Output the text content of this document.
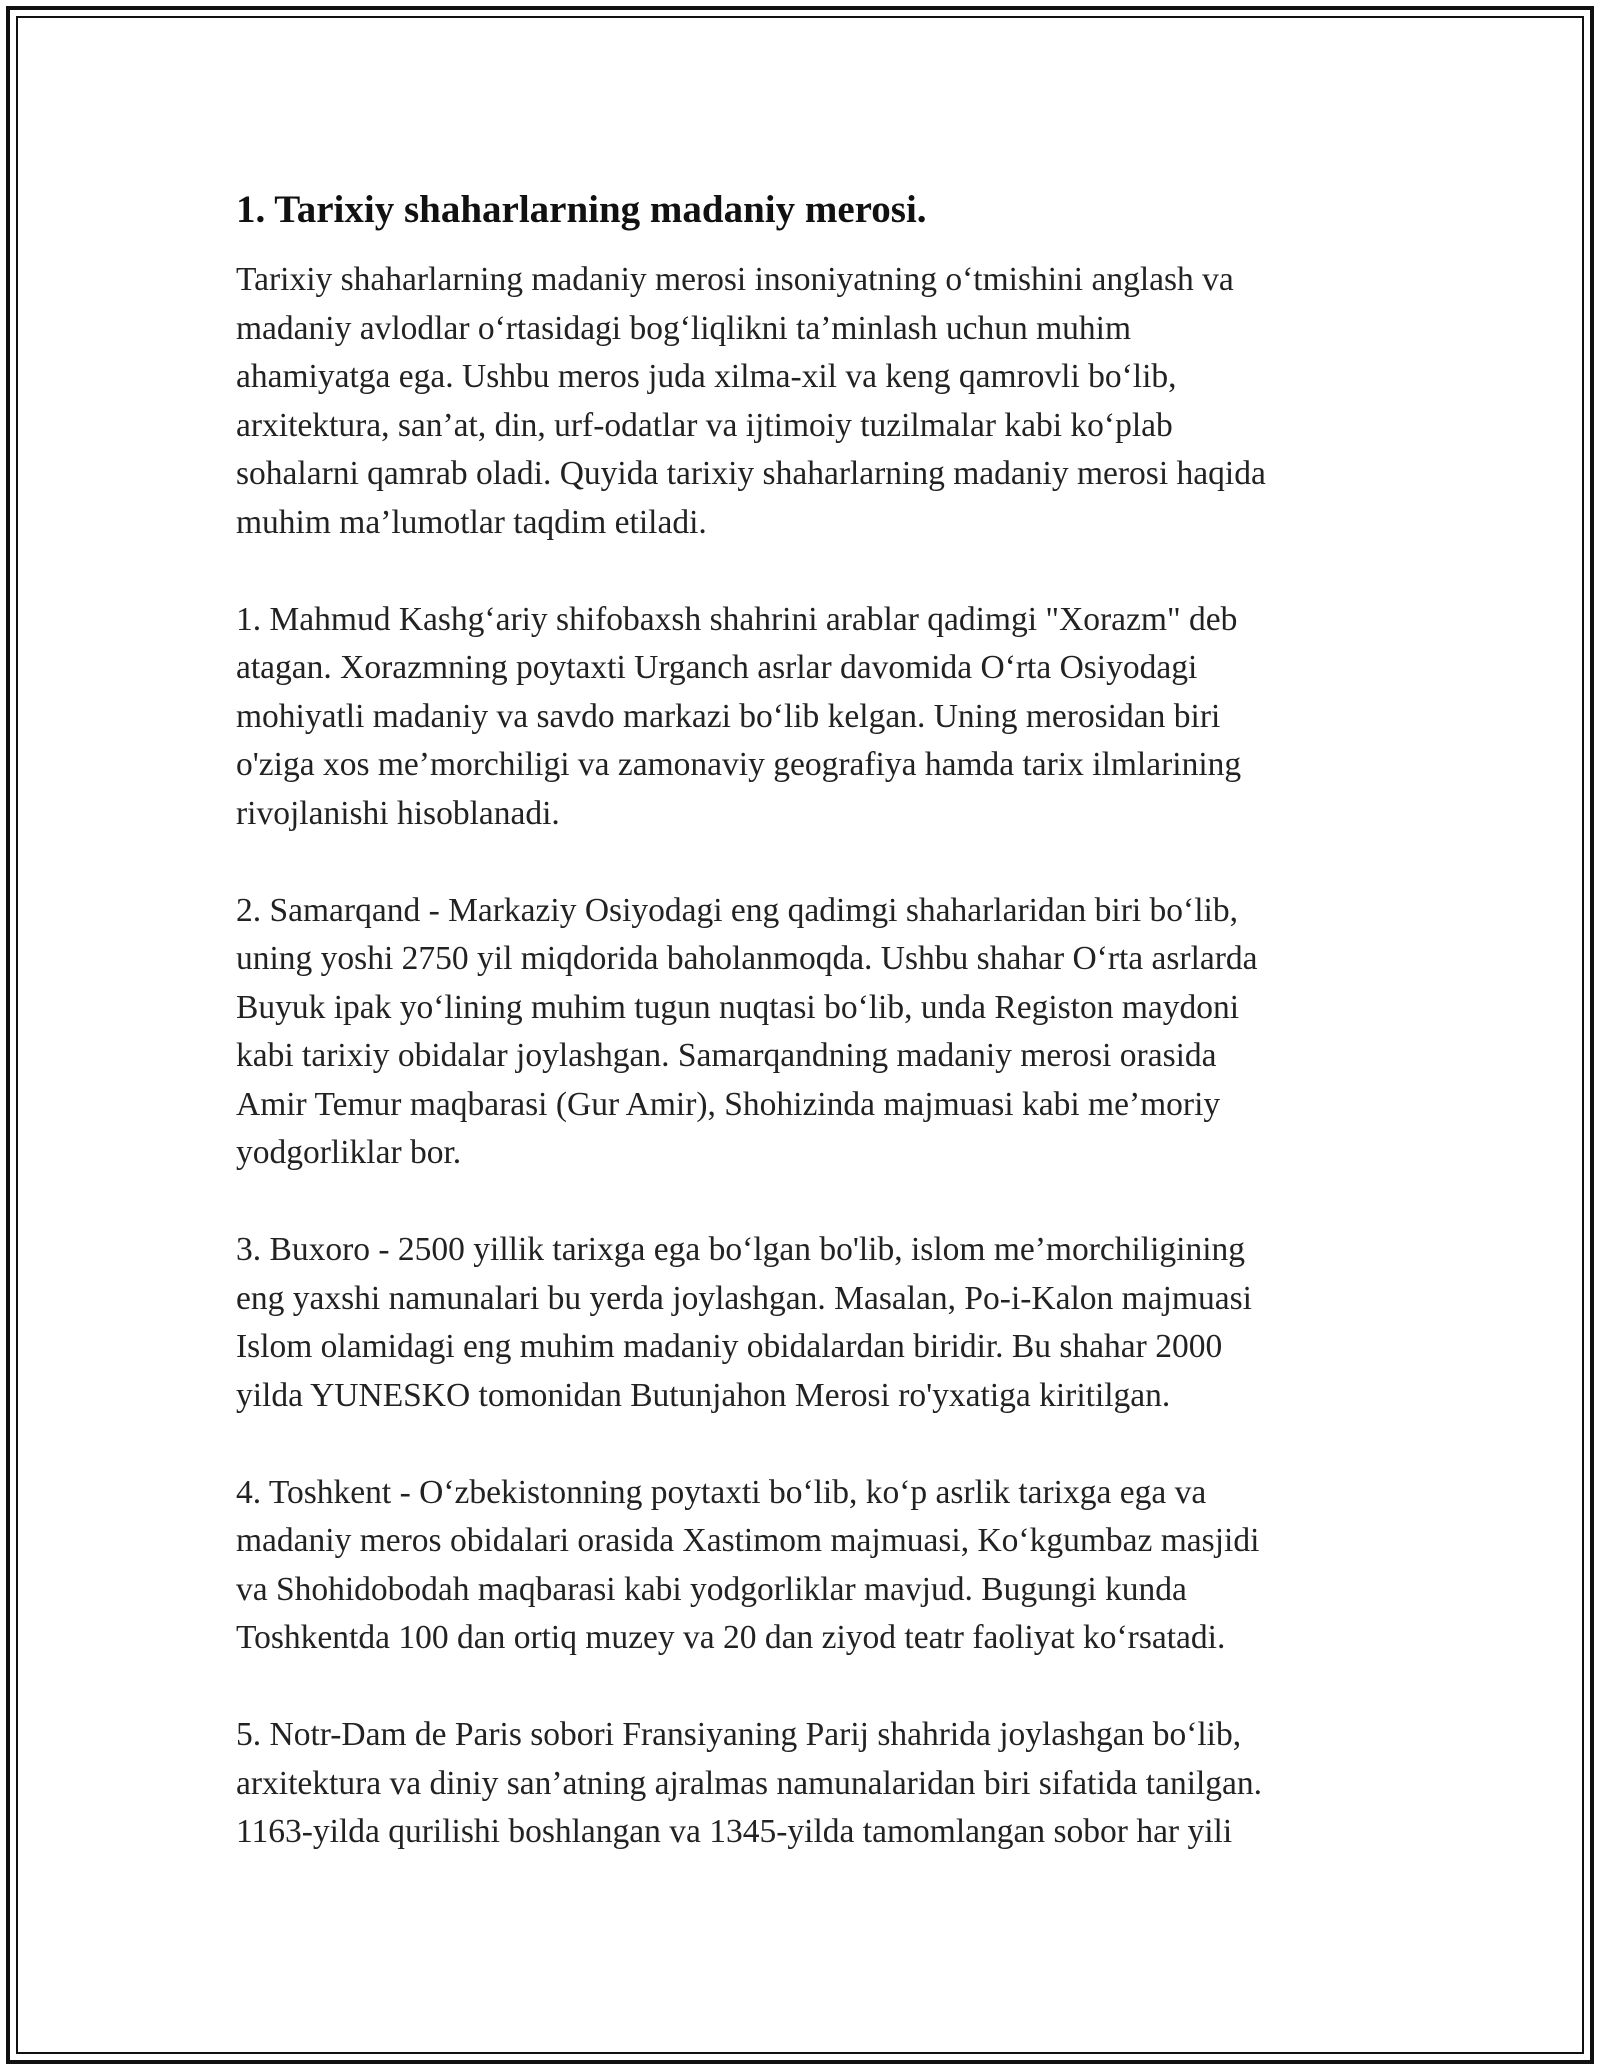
1. Tarixiy shaharlarning madaniy merosi.

Tarixiy shaharlarning madaniy merosi insoniyatning o‘tmishini anglash va
madaniy avlodlar o‘rtasidagi bog‘liqlikni ta’minlash uchun muhim
ahamiyatga ega. Ushbu meros juda xilma-xil va keng qamrovli bo‘lib,
arxitektura, san’at, din, urf-odatlar va ijtimoiy tuzilmalar kabi ko‘plab
sohalarni qamrab oladi. Quyida tarixiy shaharlarning madaniy merosi haqida
muhim ma’lumotlar taqdim etiladi.

1. Mahmud Kashg‘ariy shifobaxsh shahrini arablar qadimgi "Xorazm" deb
atagan. Xorazmning poytaxti Urganch asrlar davomida O‘rta Osiyodagi
mohiyatli madaniy va savdo markazi bo‘lib kelgan. Uning merosidan biri
o'ziga xos me’morchiligi va zamonaviy geografiya hamda tarix ilmlarining
rivojlanishi hisoblanadi.

2. Samarqand - Markaziy Osiyodagi eng qadimgi shaharlaridan biri bo‘lib,
uning yoshi 2750 yil miqdorida baholanmoqda. Ushbu shahar O‘rta asrlarda
Buyuk ipak yo‘lining muhim tugun nuqtasi bo‘lib, unda Registon maydoni
kabi tarixiy obidalar joylashgan. Samarqandning madaniy merosi orasida
Amir Temur maqbarasi (Gur Amir), Shohizinda majmuasi kabi me’moriy
yodgorliklar bor.

3. Buxoro - 2500 yillik tarixga ega bo‘lgan bo'lib, islom me’morchiligining
eng yaxshi namunalari bu yerda joylashgan. Masalan, Po-i-Kalon majmuasi
Islom olamidagi eng muhim madaniy obidalardan biridir. Bu shahar 2000
yilda YUNESKO tomonidan Butunjahon Merosi ro'yxatiga kiritilgan.

4. Toshkent - O‘zbekistonning poytaxti bo‘lib, ko‘p asrlik tarixga ega va
madaniy meros obidalari orasida Xastimom majmuasi, Ko‘kgumbaz masjidi
va Shohidobodah maqbarasi kabi yodgorliklar mavjud. Bugungi kunda
Toshkentda 100 dan ortiq muzey va 20 dan ziyod teatr faoliyat ko‘rsatadi.

5. Notr-Dam de Paris sobori Fransiyaning Parij shahrida joylashgan bo‘lib,
arxitektura va diniy san’atning ajralmas namunalaridan biri sifatida tanilgan.
1163-yilda qurilishi boshlangan va 1345-yilda tamomlangan sobor har yili
